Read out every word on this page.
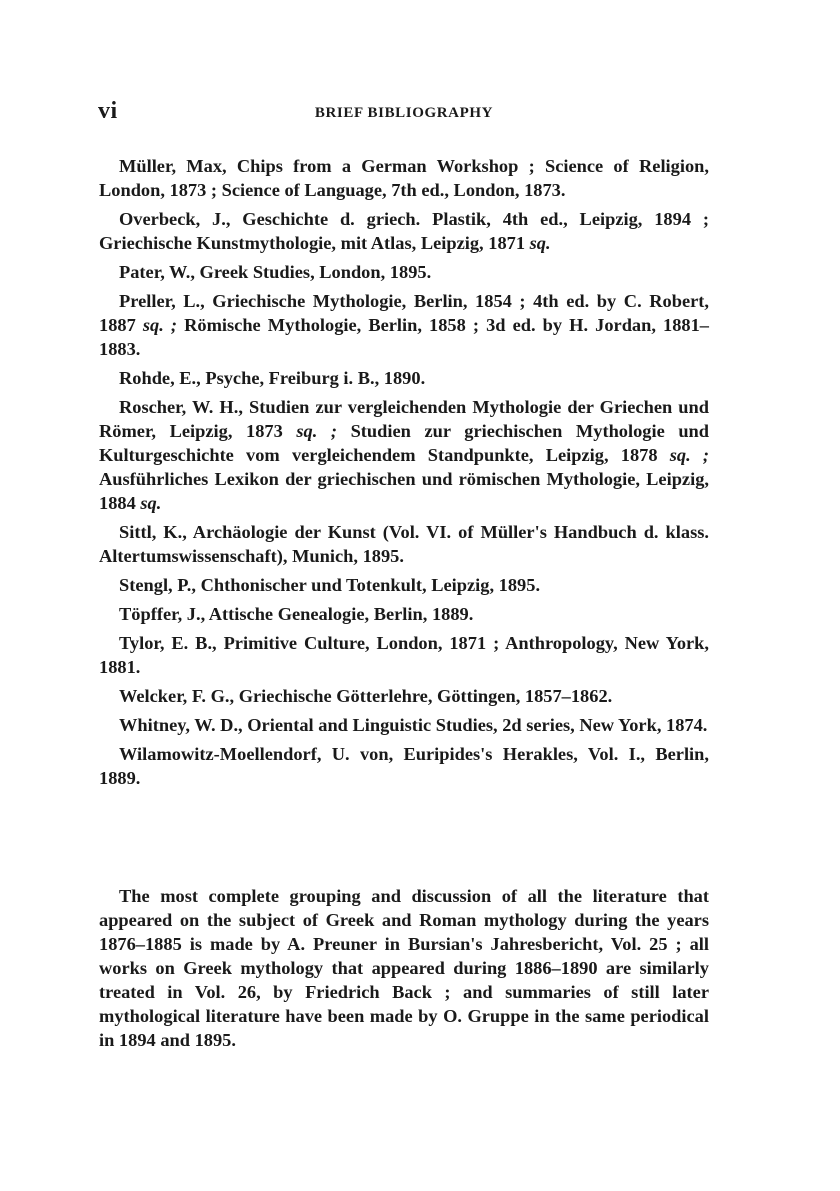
vi	BRIEF BIBLIOGRAPHY
Müller, Max, Chips from a German Workshop ; Science of Religion, London, 1873 ; Science of Language, 7th ed., London, 1873.
Overbeck, J., Geschichte d. griech. Plastik, 4th ed., Leipzig, 1894 ; Griechische Kunstmythologie, mit Atlas, Leipzig, 1871 sq.
Pater, W., Greek Studies, London, 1895.
Preller, L., Griechische Mythologie, Berlin, 1854 ; 4th ed. by C. Robert, 1887 sq. ; Römische Mythologie, Berlin, 1858 ; 3d ed. by H. Jordan, 1881–1883.
Rohde, E., Psyche, Freiburg i. B., 1890.
Roscher, W. H., Studien zur vergleichenden Mythologie der Griechen und Römer, Leipzig, 1873 sq. ; Studien zur griechischen Mythologie und Kulturgeschichte vom vergleichendem Standpunkte, Leipzig, 1878 sq. ; Ausführliches Lexikon der griechischen und römischen Mythologie, Leipzig, 1884 sq.
Sittl, K., Archäologie der Kunst (Vol. VI. of Müller's Handbuch d. klass. Altertumswissenschaft), Munich, 1895.
Stengl, P., Chthonischer und Totenkult, Leipzig, 1895.
Töpffer, J., Attische Genealogie, Berlin, 1889.
Tylor, E. B., Primitive Culture, London, 1871 ; Anthropology, New York, 1881.
Welcker, F. G., Griechische Götterlehre, Göttingen, 1857–1862.
Whitney, W. D., Oriental and Linguistic Studies, 2d series, New York, 1874.
Wilamowitz-Moellendorf, U. von, Euripides's Herakles, Vol. I., Berlin, 1889.

The most complete grouping and discussion of all the literature that appeared on the subject of Greek and Roman mythology during the years 1876–1885 is made by A. Preuner in Bursian's Jahresbericht, Vol. 25 ; all works on Greek mythology that appeared during 1886–1890 are similarly treated in Vol. 26, by Friedrich Back ; and summaries of still later mythological literature have been made by O. Gruppe in the same periodical in 1894 and 1895.
